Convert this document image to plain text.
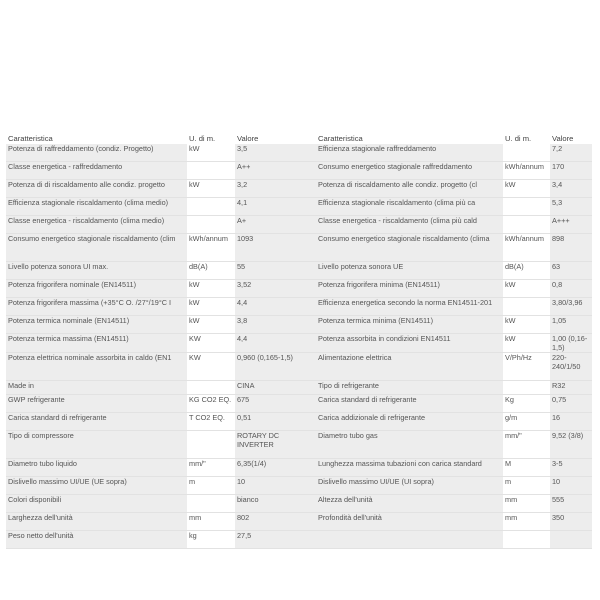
Caratteristica	U. di m.	Valore	Caratteristica	U. di m.	Valore
Potenza di raffreddamento (condiz. Progetto)	kW	3,5	Efficienza stagionale raffreddamento		7,2
Classe energetica - raffreddamento		A++	Consumo energetico stagionale raffreddamento	kWh/annum	170
Potenza di di riscaldamento alle condiz. progetto	kW	3,2	Potenza di riscaldamento alle condiz. progetto (cl	kW	3,4
Efficienza stagionale riscaldamento (clima medio)		4,1	Efficienza stagionale riscaldamento (clima più ca		5,3
Classe energetica - riscaldamento (clima medio)		A+	Classe energetica - riscaldamento (clima più cald		A+++
Consumo energetico stagionale riscaldamento (clim	kWh/annum	1093	Consumo energetico stagionale riscaldamento (clima	kWh/annum	898
Livello potenza sonora UI max.	dB(A)	55	Livello potenza sonora UE	dB(A)	63
Potenza frigorifera nominale (EN14511)	kW	3,52	Potenza frigorifera minima (EN14511)	kW	0,8
Potenza frigorifera massima (+35°C O. /27°/19°C I	kW	4,4	Efficienza energetica secondo la norma EN14511-201		3,80/3,96
Potenza termica nominale (EN14511)	kW	3,8	Potenza termica minima (EN14511)	kW	1,05
Potenza termica massima (EN14511)	KW	4,4	Potenza assorbita in condizioni EN14511	kW	1,00 (0,16-1,5)
Potenza elettrica nominale assorbita in caldo (EN1	KW	0,960 (0,165-1,5)	Alimentazione elettrica	V/Ph/Hz	220-240/1/50
Made in		CINA	Tipo di refrigerante		R32
GWP refrigerante	KG CO2 EQ.	675	Carica standard di refrigerante	Kg	0,75
Carica standard di refrigerante	T CO2 EQ.	0,51	Carica addizionale di refrigerante	g/m	16
Tipo di compressore		ROTARY DC INVERTER	Diametro tubo gas	mm/"	9,52 (3/8)
Diametro tubo liquido	mm/"	6,35(1/4)	Lunghezza massima tubazioni con carica standard	M	3-5
Dislivello massimo UI/UE (UE sopra)	m	10	Dislivello massimo UI/UE (UI sopra)	m	10
Colori disponibili		bianco	Altezza dell'unità	mm	555
Larghezza dell'unità	mm	802	Profondità dell'unità	mm	350
Peso netto dell'unità	kg	27,5			
